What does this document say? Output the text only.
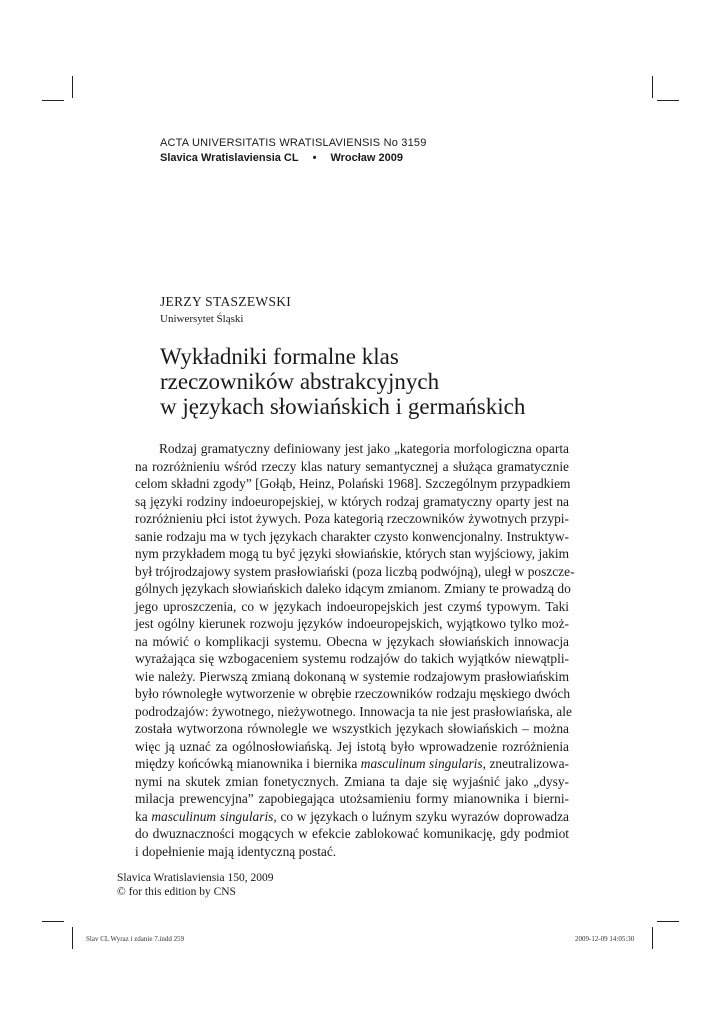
ACTA UNIVERSITATIS WRATISLAVIENSIS No 3159
Slavica Wratislaviensia CL • Wrocław 2009
JERZY STASZEWSKI
Uniwersytet Śląski
Wykładniki formalne klas
rzeczowników abstrakcyjnych
w językach słowiańskich i germańskich
Rodzaj gramatyczny definiowany jest jako „kategoria morfologiczna oparta
na rozróżnieniu wśród rzeczy klas natury semantycznej a służąca gramatycznie
celom składni zgody” [Gołąb, Heinz, Polański 1968]. Szczególnym przypadkiem
są języki rodziny indoeuropejskiej, w których rodzaj gramatyczny oparty jest na
rozróżnieniu płci istot żywych. Poza kategorią rzeczowników żywotnych przypi-
sanie rodzaju ma w tych językach charakter czysto konwencjonalny. Instruktyw-
nym przykładem mogą tu być języki słowiańskie, których stan wyjściowy, jakim
był trójrodzajowy system prasłowiański (poza liczbą podwójną), uległ w poszcze-
gólnych językach słowiańskich daleko idącym zmianom. Zmiany te prowadzą do
jego uproszczenia, co w językach indoeuropejskich jest czymś typowym. Taki
jest ogólny kierunek rozwoju języków indoeuropejskich, wyjątkowo tylko moż-
na mówić o komplikacji systemu. Obecna w językach słowiańskich innowacja
wyrażająca się wzbogaceniem systemu rodzajów do takich wyjątków niewątpli-
wie należy. Pierwszą zmianą dokonaną w systemie rodzajowym prasłowiańskim
było równoległe wytworzenie w obrębie rzeczowników rodzaju męskiego dwóch
podrodzajów: żywotnego, nieżywotnego. Innowacja ta nie jest prasłowiańska, ale
została wytworzona równolegle we wszystkich językach słowiańskich – można
więc ją uznać za ogólnosłowiańską. Jej istotą było wprowadzenie rozróżnienia
między końcówką mianownika i biernika masculinum singularis, zneutralizowa-
nymi na skutek zmian fonetycznych. Zmiana ta daje się wyjaśnić jako „dysy-
milacja prewencyjna” zapobiegająca utożsamieniu formy mianownika i bierni-
ka masculinum singularis, co w językach o luźnym szyku wyrazów doprowadza
do dwuznaczności mogących w efekcie zablokować komunikację, gdy podmiot
i dopełnienie mają identyczną postać.
Slavica Wratislaviensia 150, 2009
© for this edition by CNS
Slav CL Wyraz i zdanie 7.indd 259	2009-12-09 14:05:30
